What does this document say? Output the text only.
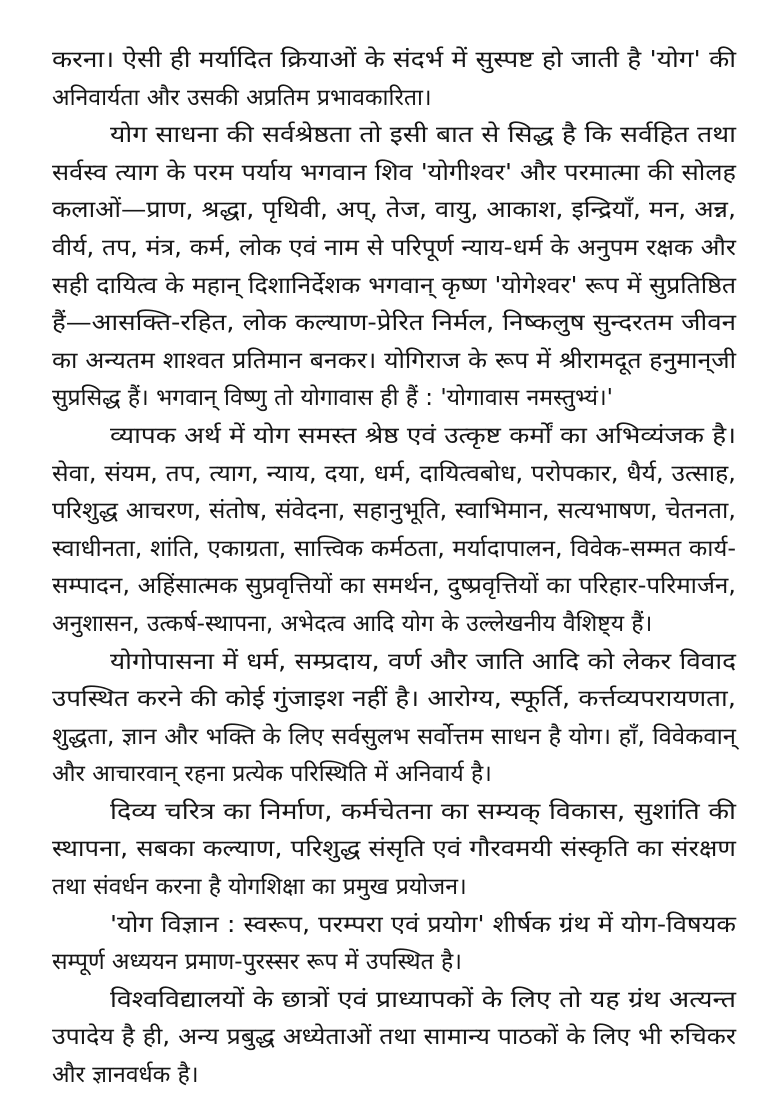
करना। ऐसी ही मर्यादित क्रियाओं के संदर्भ में सुस्पष्ट हो जाती है 'योग' की
अनिवार्यता और उसकी अप्रतिम प्रभावकारिता।
योग साधना की सर्वश्रेष्ठता तो इसी बात से सिद्ध है कि सर्वहित तथा
सर्वस्व त्याग के परम पर्याय भगवान शिव 'योगीश्वर' और परमात्मा की सोलह
कलाओं—प्राण, श्रद्धा, पृथिवी, अप्, तेज, वायु, आकाश, इन्द्रियाँ, मन, अन्न,
वीर्य, तप, मंत्र, कर्म, लोक एवं नाम से परिपूर्ण न्याय-धर्म के अनुपम रक्षक और
सही दायित्व के महान् दिशानिर्देशक भगवान् कृष्ण 'योगेश्वर' रूप में सुप्रतिष्ठित
हैं—आसक्ति-रहित, लोक कल्याण-प्रेरित निर्मल, निष्कलुष सुन्दरतम जीवन
का अन्यतम शाश्वत प्रतिमान बनकर। योगिराज के रूप में श्रीरामदूत हनुमान्‌जी
सुप्रसिद्ध हैं। भगवान् विष्णु तो योगावास ही हैं : 'योगावास नमस्तुभ्यं।'
व्यापक अर्थ में योग समस्त श्रेष्ठ एवं उत्कृष्ट कर्मों का अभिव्यंजक है।
सेवा, संयम, तप, त्याग, न्याय, दया, धर्म, दायित्वबोध, परोपकार, धैर्य, उत्साह,
परिशुद्ध आचरण, संतोष, संवेदना, सहानुभूति, स्वाभिमान, सत्यभाषण, चेतनता,
स्वाधीनता, शांति, एकाग्रता, सात्त्विक कर्मठता, मर्यादापालन, विवेक-सम्मत कार्य-
सम्पादन, अहिंसात्मक सुप्रवृत्तियों का समर्थन, दुष्प्रवृत्तियों का परिहार-परिमार्जन,
अनुशासन, उत्कर्ष-स्थापना, अभेदत्व आदि योग के उल्लेखनीय वैशिष्ट्य हैं।
योगोपासना में धर्म, सम्प्रदाय, वर्ण और जाति आदि को लेकर विवाद
उपस्थित करने की कोई गुंजाइश नहीं है। आरोग्य, स्फूर्ति, कर्त्तव्यपरायणता,
शुद्धता, ज्ञान और भक्ति के लिए सर्वसुलभ सर्वोत्तम साधन है योग। हाँ, विवेकवान्
और आचारवान् रहना प्रत्येक परिस्थिति में अनिवार्य है।
दिव्य चरित्र का निर्माण, कर्मचेतना का सम्यक् विकास, सुशांति की
स्थापना, सबका कल्याण, परिशुद्ध संसृति एवं गौरवमयी संस्कृति का संरक्षण
तथा संवर्धन करना है योगशिक्षा का प्रमुख प्रयोजन।
'योग विज्ञान : स्वरूप, परम्परा एवं प्रयोग' शीर्षक ग्रंथ में योग-विषयक
सम्पूर्ण अध्ययन प्रमाण-पुरस्सर रूप में उपस्थित है।
विश्वविद्यालयों के छात्रों एवं प्राध्यापकों के लिए तो यह ग्रंथ अत्यन्त
उपादेय है ही, अन्य प्रबुद्ध अध्येताओं तथा सामान्य पाठकों के लिए भी रुचिकर
और ज्ञानवर्धक है।
